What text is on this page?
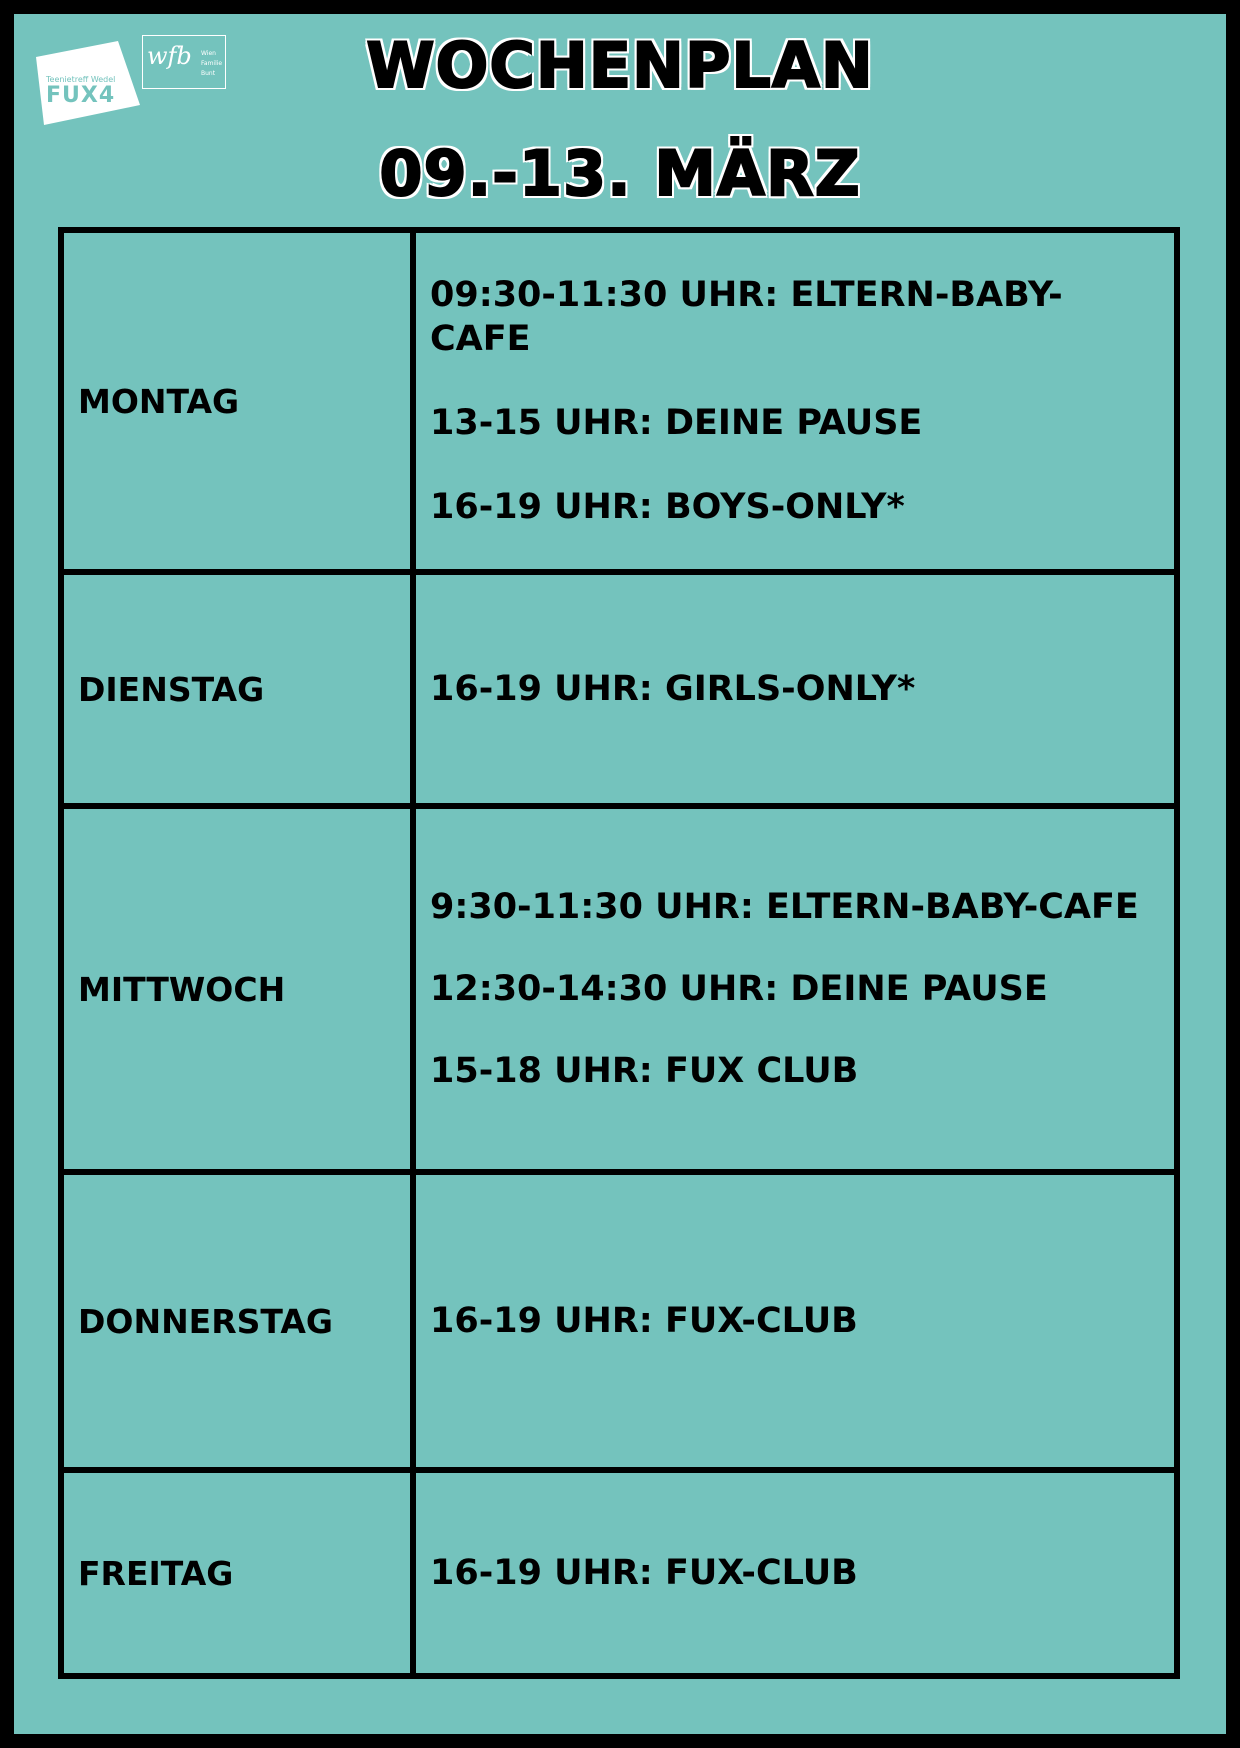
Teenietreff Wedel
FUX4
wfb Wien
Familie
Bunt	WOCHENPLAN
09.-13. MÄRZ
MONTAG	09:30-11:30 UHR: ELTERN-BABY-CAFE
13-15 UHR: DEINE PAUSE
16-19 UHR: BOYS-ONLY*

DIENSTAG	16-19 UHR: GIRLS-ONLY*

MITTWOCH	9:30-11:30 UHR: ELTERN-BABY-CAFE
12:30-14:30 UHR: DEINE PAUSE
15-18 UHR: FUX CLUB

DONNERSTAG	16-19 UHR: FUX-CLUB

FREITAG	16-19 UHR: FUX-CLUB
